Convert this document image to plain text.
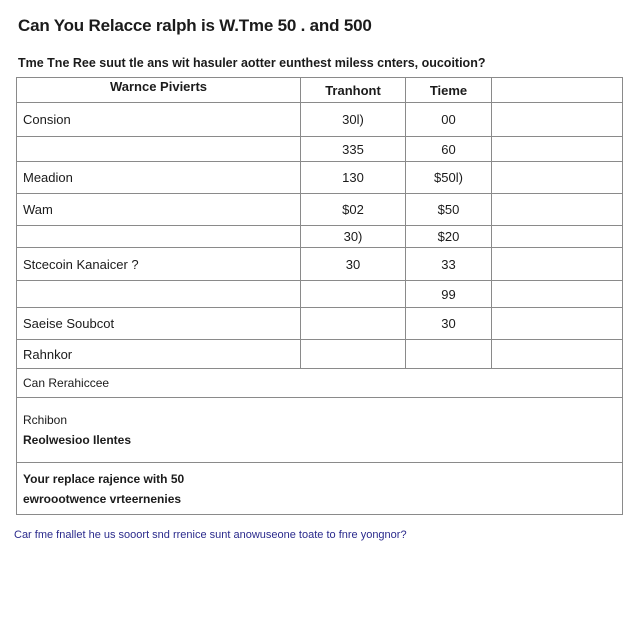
Can You Relacce ralph is W.Tme 50 . and 500
Tme Tne Ree suut tle ans wit hasuler aotter eunthest miless cnters, oucoition?
Warnce Pivierts	Tranhont	Tieme	
Consion	30l)	00	
	335	60	
Meadion	130	$50l)	
Wam	$02	$50	
	30)	$20	
Stcecoin Kanaicer ?	30	33	
		99	
Saeise Soubcot		30	
Rahnkor			
Can Rerahiccee			

Rchibon
Reolwesioo Ilentes			

Your replace rajence with 50
ewroootwence vrteernenies			
Car fme fnallet he us sooort snd rrenice sunt anowuseone toate to fnre yongnor?
